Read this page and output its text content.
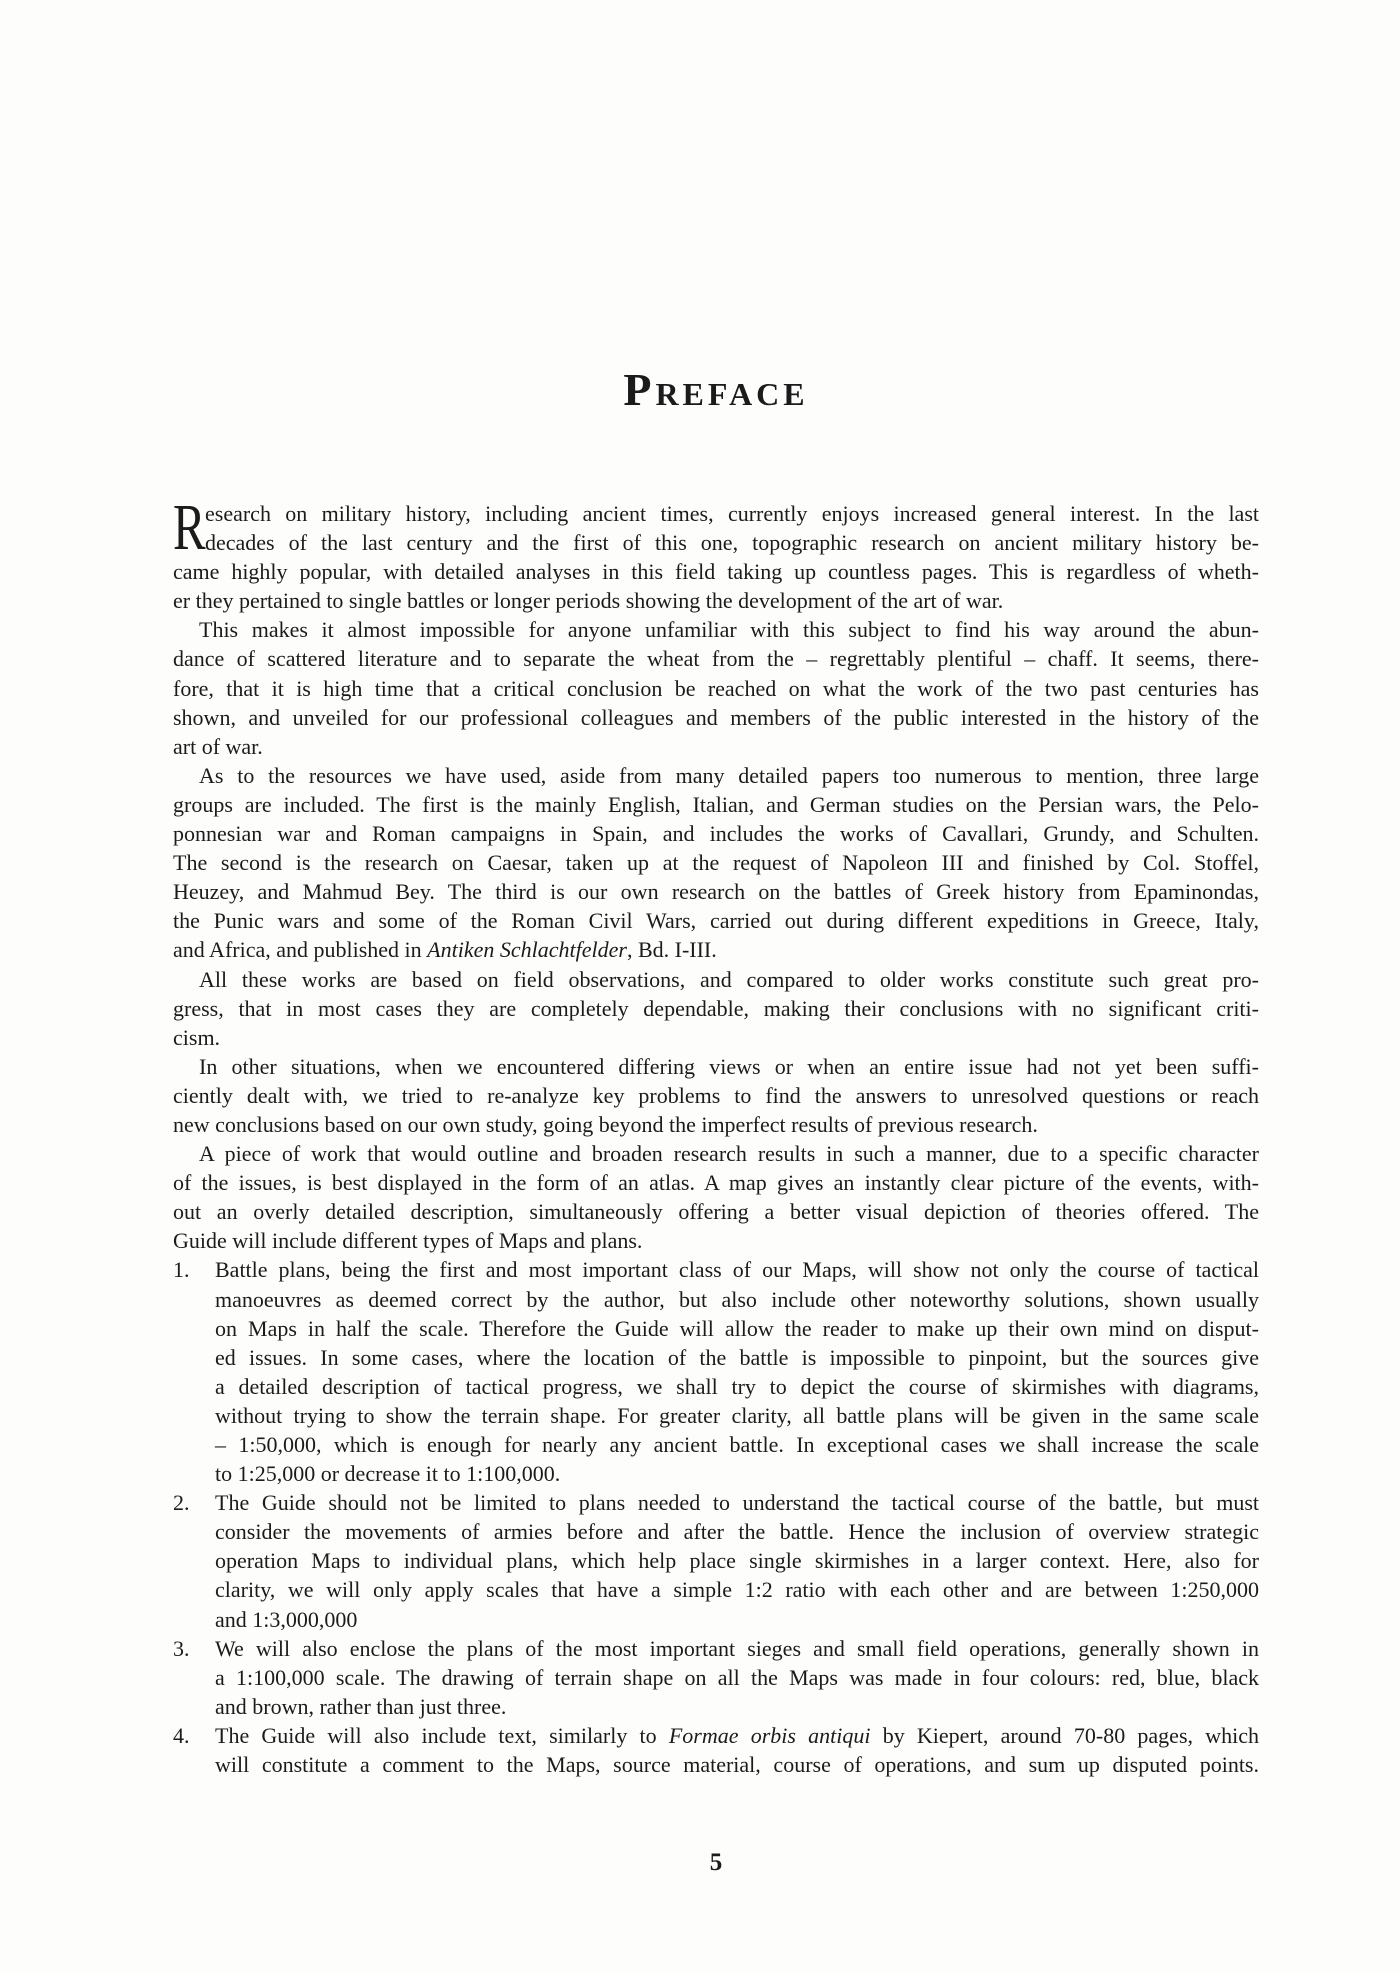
Preface
R esearch on military history, including ancient times, currently enjoys increased general interest. In the last
decades of the last century and the first of this one, topographic research on ancient military history be-
came highly popular, with detailed analyses in this field taking up countless pages. This is regardless of wheth-
er they pertained to single battles or longer periods showing the development of the art of war.
This makes it almost impossible for anyone unfamiliar with this subject to find his way around the abun-
dance of scattered literature and to separate the wheat from the – regrettably plentiful – chaff. It seems, there-
fore, that it is high time that a critical conclusion be reached on what the work of the two past centuries has
shown, and unveiled for our professional colleagues and members of the public interested in the history of the
art of war.
As to the resources we have used, aside from many detailed papers too numerous to mention, three large
groups are included. The first is the mainly English, Italian, and German studies on the Persian wars, the Pelo-
ponnesian war and Roman campaigns in Spain, and includes the works of Cavallari, Grundy, and Schulten.
The second is the research on Caesar, taken up at the request of Napoleon III and finished by Col. Stoffel,
Heuzey, and Mahmud Bey. The third is our own research on the battles of Greek history from Epaminondas,
the Punic wars and some of the Roman Civil Wars, carried out during different expeditions in Greece, Italy,
and Africa, and published in Antiken Schlachtfelder, Bd. I-III.
All these works are based on field observations, and compared to older works constitute such great pro-
gress, that in most cases they are completely dependable, making their conclusions with no significant criti-
cism.
In other situations, when we encountered differing views or when an entire issue had not yet been suffi-
ciently dealt with, we tried to re-analyze key problems to find the answers to unresolved questions or reach
new conclusions based on our own study, going beyond the imperfect results of previous research.
A piece of work that would outline and broaden research results in such a manner, due to a specific character
of the issues, is best displayed in the form of an atlas. A map gives an instantly clear picture of the events, with-
out an overly detailed description, simultaneously offering a better visual depiction of theories offered. The
Guide will include different types of Maps and plans.
1.	Battle plans, being the first and most important class of our Maps, will show not only the course of tactical
manoeuvres as deemed correct by the author, but also include other noteworthy solutions, shown usually
on Maps in half the scale. Therefore the Guide will allow the reader to make up their own mind on disput-
ed issues. In some cases, where the location of the battle is impossible to pinpoint, but the sources give
a detailed description of tactical progress, we shall try to depict the course of skirmishes with diagrams,
without trying to show the terrain shape. For greater clarity, all battle plans will be given in the same scale
– 1:50,000, which is enough for nearly any ancient battle. In exceptional cases we shall increase the scale
to 1:25,000 or decrease it to 1:100,000.
2.	The Guide should not be limited to plans needed to understand the tactical course of the battle, but must
consider the movements of armies before and after the battle. Hence the inclusion of overview strategic
operation Maps to individual plans, which help place single skirmishes in a larger context. Here, also for
clarity, we will only apply scales that have a simple 1:2 ratio with each other and are between 1:250,000
and 1:3,000,000
3.	We will also enclose the plans of the most important sieges and small field operations, generally shown in
a 1:100,000 scale. The drawing of terrain shape on all the Maps was made in four colours: red, blue, black
and brown, rather than just three.
4.	The Guide will also include text, similarly to Formae orbis antiqui by Kiepert, around 70-80 pages, which
will constitute a comment to the Maps, source material, course of operations, and sum up disputed points.
5
